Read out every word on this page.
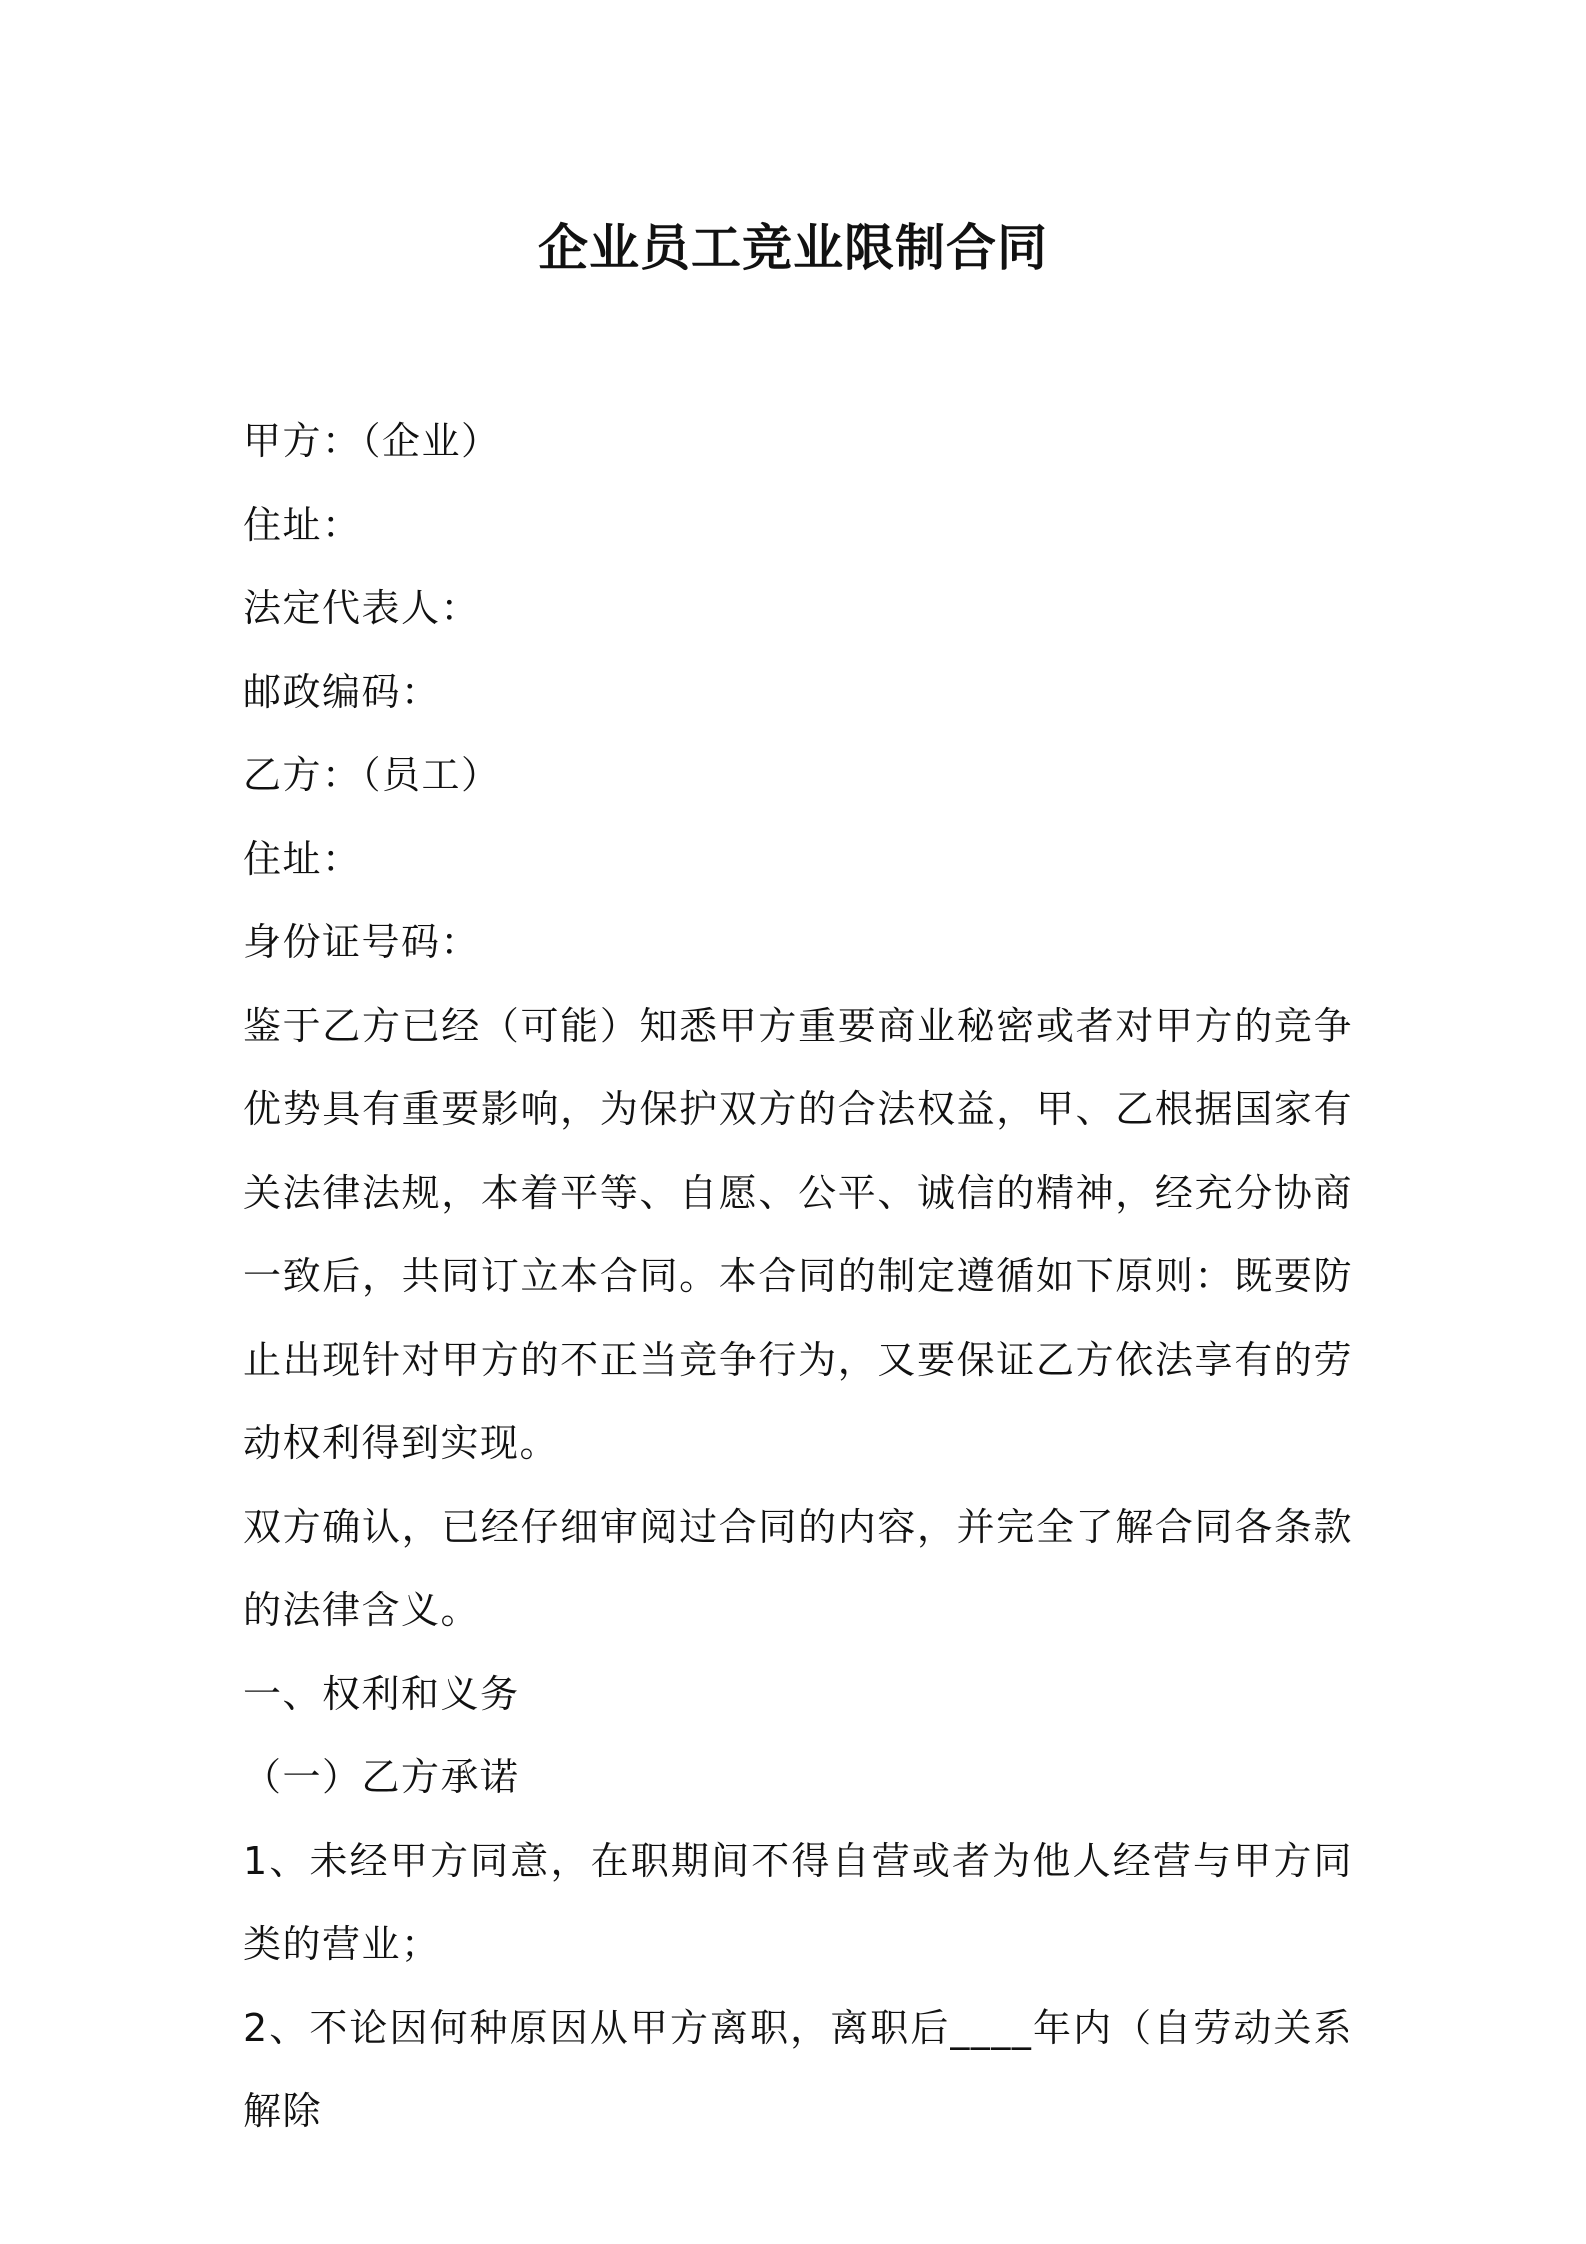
企业员工竞业限制合同

甲方：（企业）

住址：

法定代表人：

邮政编码：

乙方：（员工）

住址：

身份证号码：

鉴于乙方已经（可能）知悉甲方重要商业秘密或者对甲方的竞争优势具有重要影响，为保护双方的合法权益，甲、乙根据国家有关法律法规，本着平等、自愿、公平、诚信的精神，经充分协商一致后，共同订立本合同。本合同的制定遵循如下原则：既要防止出现针对甲方的不正当竞争行为，又要保证乙方依法享有的劳动权利得到实现。

双方确认，已经仔细审阅过合同的内容，并完全了解合同各条款的法律含义。

一、权利和义务

（一）乙方承诺

1、未经甲方同意，在职期间不得自营或者为他人经营与甲方同类的营业；

2、不论因何种原因从甲方离职，离职后____年内（自劳动关系解除
